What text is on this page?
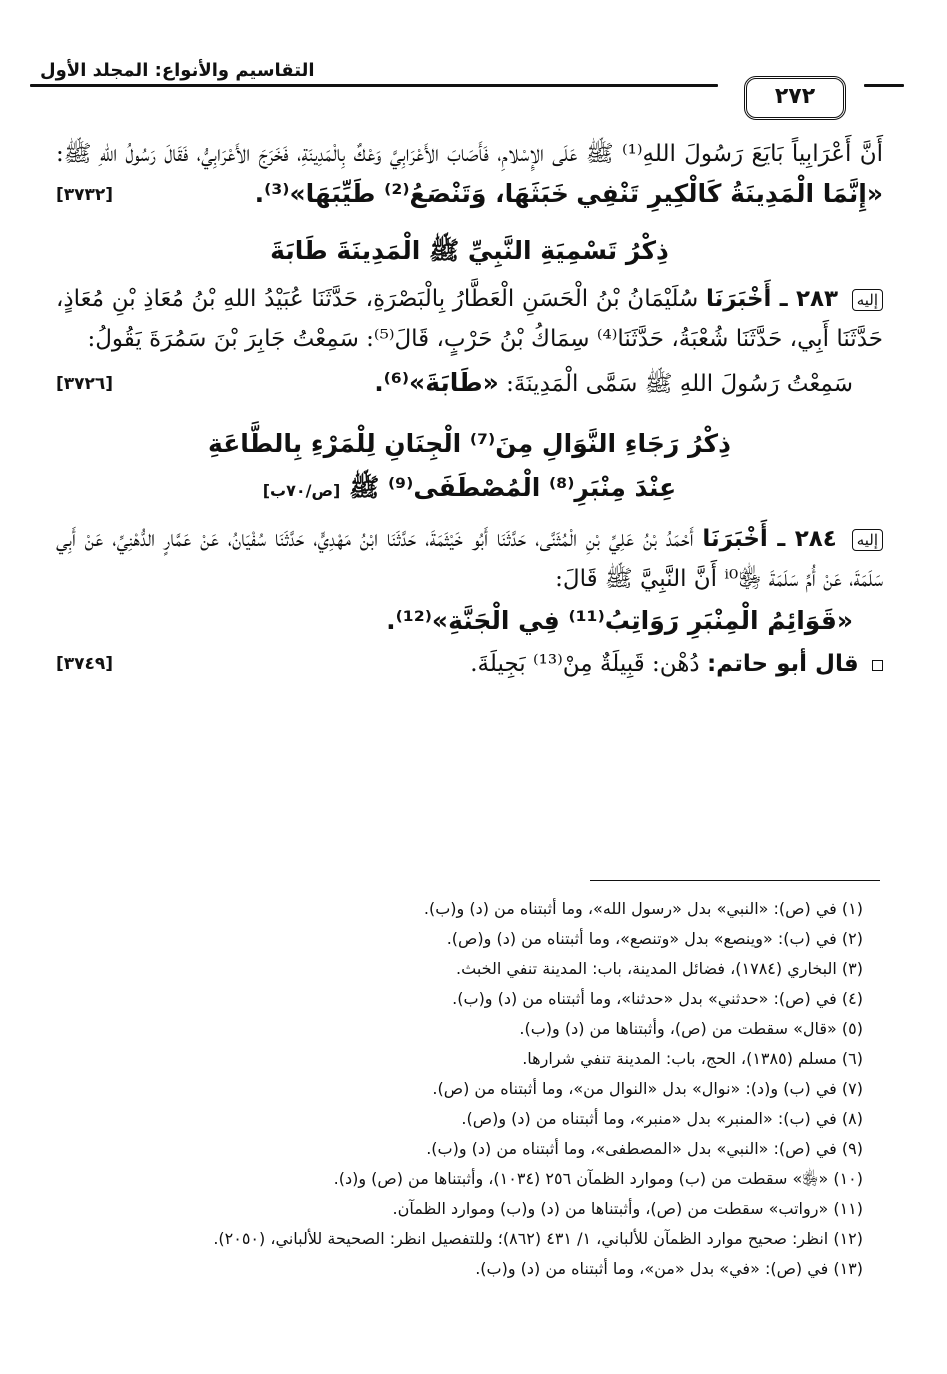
التقاسيم والأنواع: المجلد الأول
٢٧٢
أَنَّ أَعْرَابِياً بَايَعَ رَسُولَ اللهِ⁽¹⁾ ﷺ عَلَى الإِسْلامِ، فَأَصَابَ الأَعْرَابِيَّ وَعْكٌ بِالْمَدِينَةِ، فَخَرَجَ الأَعْرَابِيُّ، فَقَالَ رَسُولُ اللهِ ﷺ: «إِنَّمَا الْمَدِينَةُ كَالْكِيرِ تَنْفِي خَبَثَهَا، وَتَنْصَعُ⁽²⁾ طَيِّبَهَا»⁽³⁾.
[٣٧٣٢]
ذِكْرُ تَسْمِيَةِ النَّبِيِّ ﷺ الْمَدِينَةَ طَابَةَ
إليه ٢٨٣ ـ أَخْبَرَنَا سُلَيْمَانُ بْنُ الْحَسَنِ الْعَطَّارُ بِالْبَصْرَةِ، حَدَّثَنَا عُبَيْدُ اللهِ بْنُ مُعَاذِ بْنِ مُعَاذٍ، حَدَّثَنَا أَبِي، حَدَّثَنَا شُعْبَةُ، حَدَّثَنَا⁽⁴⁾ سِمَاكُ بْنُ حَرْبٍ، قَالَ⁽⁵⁾: سَمِعْتُ جَابِرَ بْنَ سَمُرَةَ يَقُولُ:
سَمِعْتُ رَسُولَ اللهِ ﷺ سَمَّى الْمَدِينَةَ: «طَابَةَ»⁽⁶⁾.
[٣٧٢٦]
ذِكْرُ رَجَاءِ النَّوَالِ مِنَ⁽⁷⁾ الْجِنَانِ لِلْمَرْءِ بِالطَّاعَةِ
عِنْدَ مِنْبَرِ⁽⁸⁾ الْمُصْطَفَى⁽⁹⁾ ﷺ [ص/٧٠ب]
إليه ٢٨٤ ـ أَخْبَرَنَا أَحْمَدُ بْنُ عَلِيِّ بْنِ الْمُثَنَّى، حَدَّثَنَا أَبُو خَيْثَمَةَ، حَدَّثَنَا ابْنُ مَهْدِيٍّ، حَدَّثَنَا سُفْيَانُ، عَنْ عَمَّارٍ الدُّهْنِيِّ، عَنْ أَبِي سَلَمَةَ، عَنْ أُمِّ سَلَمَةَ ﵂ⁱ⁰ أَنَّ النَّبِيَّ ﷺ قَالَ:
«قَوَائِمُ الْمِنْبَرِ رَوَاتِبُ⁽¹¹⁾ فِي الْجَنَّةِ»⁽¹²⁾.
قال أبو حاتم: دُهْن: قَبِيلَةٌ مِنْ⁽¹³⁾ بَجِيلَةَ.
[٣٧٤٩]
(١) في (ص): «النبي» بدل «رسول الله»، وما أثبتناه من (د) و(ب).
(٢) في (ب): «وينصع» بدل «وتنصع»، وما أثبتناه من (د) و(ص).
(٣) البخاري (١٧٨٤)، فضائل المدينة، باب: المدينة تنفي الخبث.
(٤) في (ص): «حدثني» بدل «حدثنا»، وما أثبتناه من (د) و(ب).
(٥) «قال» سقطت من (ص)، وأثبتناها من (د) و(ب).
(٦) مسلم (١٣٨٥)، الحج، باب: المدينة تنفي شرارها.
(٧) في (ب) و(د): «نوال» بدل «النوال من»، وما أثبتناه من (ص).
(٨) في (ب): «المنبر» بدل «منبر»، وما أثبتناه من (د) و(ص).
(٩) في (ص): «النبي» بدل «المصطفى»، وما أثبتناه من (د) و(ب).
(١٠) «﵂» سقطت من (ب) وموارد الظمآن ٢٥٦ (١٠٣٤)، وأثبتناها من (ص) و(د).
(١١) «رواتب» سقطت من (ص)، وأثبتناها من (د) و(ب) وموارد الظمآن.
(١٢) انظر: صحيح موارد الظمآن للألباني، ١/ ٤٣١ (٨٦٢)؛ وللتفصيل انظر: الصحيحة للألباني، (٢٠٥٠).
(١٣) في (ص): «في» بدل «من»، وما أثبتناه من (د) و(ب).
